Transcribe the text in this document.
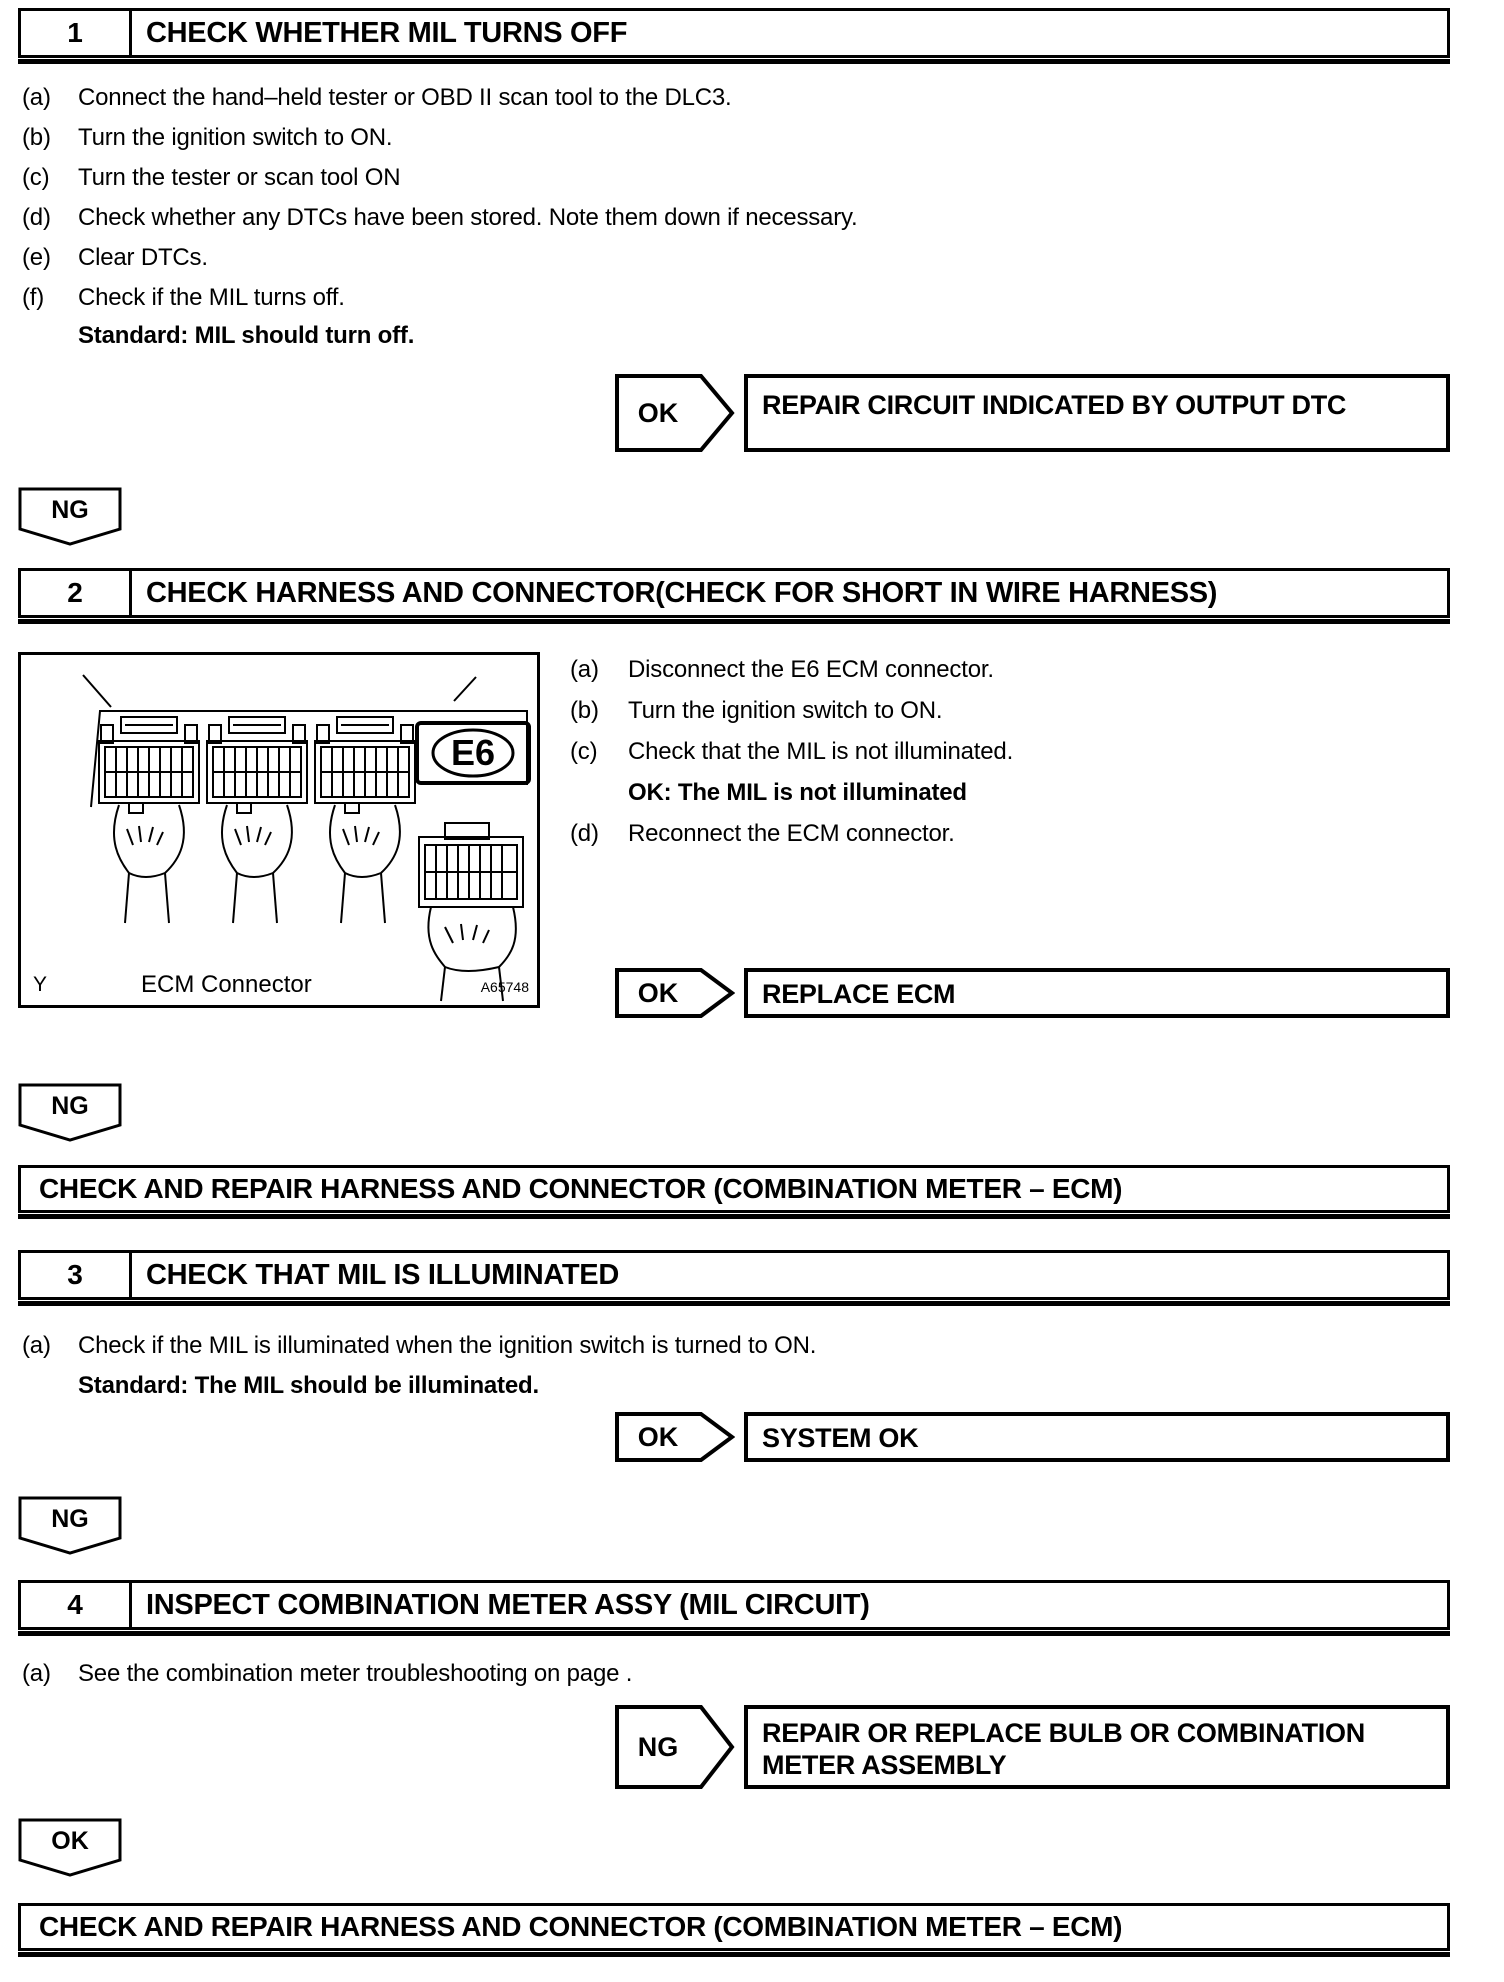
1	CHECK WHETHER MIL TURNS OFF
(a) Connect the hand–held tester or OBD II scan tool to the DLC3.
(b) Turn the ignition switch to ON.
(c) Turn the tester or scan tool ON
(d) Check whether any DTCs have been stored. Note them down if necessary.
(e) Clear DTCs.
(f) Check if the MIL turns off.
Standard: MIL should turn off.
OK	REPAIR CIRCUIT INDICATED BY OUTPUT DTC
NG
2	CHECK HARNESS AND CONNECTOR(CHECK FOR SHORT IN WIRE HARNESS)
E6
Y	ECM Connector	A65748
(a) Disconnect the E6 ECM connector.
(b) Turn the ignition switch to ON.
(c) Check that the MIL is not illuminated.
OK: The MIL is not illuminated
(d) Reconnect the ECM connector.
OK	REPLACE ECM
NG
CHECK AND REPAIR HARNESS AND CONNECTOR (COMBINATION METER – ECM)
3	CHECK THAT MIL IS ILLUMINATED
(a) Check if the MIL is illuminated when the ignition switch is turned to ON.
Standard: The MIL should be illuminated.
OK	SYSTEM OK
NG
4	INSPECT COMBINATION METER ASSY (MIL CIRCUIT)
(a) See the combination meter troubleshooting on page .
NG	REPAIR OR REPLACE BULB OR COMBINATION
METER ASSEMBLY
OK
CHECK AND REPAIR HARNESS AND CONNECTOR (COMBINATION METER – ECM)
